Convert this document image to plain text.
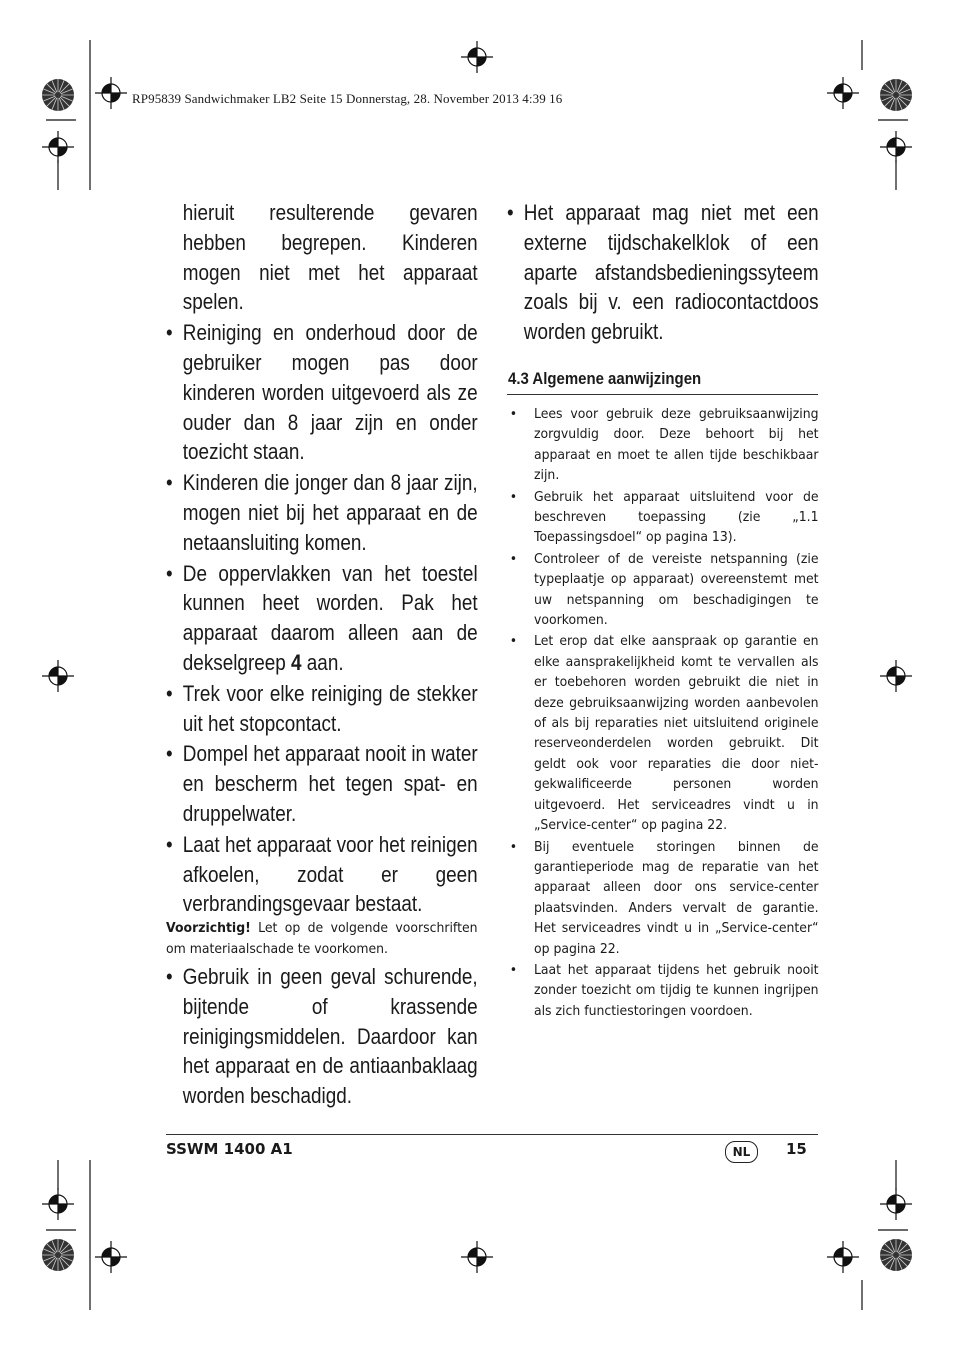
RP95839 Sandwichmaker LB2 Seite 15 Donnerstag, 28. November 2013 4:39 16

hieruit resulterende gevaren hebben begrepen. Kinderen mogen niet met het apparaat spelen.

• Reiniging en onderhoud door de gebruiker mogen pas door kinderen worden uitgevoerd als ze ouder dan 8 jaar zijn en onder toezicht staan.

• Kinderen die jonger dan 8 jaar zijn, mogen niet bij het apparaat en de netaansluiting komen.

• De oppervlakken van het toestel kunnen heet worden. Pak het apparaat daarom alleen aan de dekselgreep 4 aan.

• Trek voor elke reiniging de stekker uit het stopcontact.

• Dompel het apparaat nooit in water en bescherm het tegen spat- en druppelwater.

• Laat het apparaat voor het reinigen afkoelen, zodat er geen verbrandingsgevaar bestaat.

Voorzichtig! Let op de volgende voorschriften om materiaalschade te voorkomen.

• Gebruik in geen geval schurende, bijtende of krassende reinigingsmiddelen. Daardoor kan het apparaat en de antiaanbaklaag worden beschadigd.

• Het apparaat mag niet met een externe tijdschakelklok of een aparte afstandsbedieningssyteem zoals bij v. een radiocontactdoos worden gebruikt.

4.3 Algemene aanwijzingen
• Lees voor gebruik deze gebruiksaanwijzing zorgvuldig door. Deze behoort bij het apparaat en moet te allen tijde beschikbaar zijn.

• Gebruik het apparaat uitsluitend voor de beschreven toepassing (zie „1.1 Toepassingsdoel“ op pagina 13).

• Controleer of de vereiste netspanning (zie typeplaatje op apparaat) overeenstemt met uw netspanning om beschadigingen te voorkomen.

• Let erop dat elke aanspraak op garantie en elke aansprakelijkheid komt te vervallen als er toebehoren worden gebruikt die niet in deze gebruiksaanwijzing worden aanbevolen of als bij reparaties niet uitsluitend originele reserveonderdelen worden gebruikt. Dit geldt ook voor reparaties die door niet-gekwalificeerde personen worden uitgevoerd. Het serviceadres vindt u in „Service-center“ op pagina 22.

• Bij eventuele storingen binnen de garantieperiode mag de reparatie van het apparaat alleen door ons service-center plaatsvinden. Anders vervalt de garantie. Het serviceadres vindt u in „Service-center“ op pagina 22.

• Laat het apparaat tijdens het gebruik nooit zonder toezicht om tijdig te kunnen ingrijpen als zich functiestoringen voordoen.

SSWM 1400 A1	NL	15
